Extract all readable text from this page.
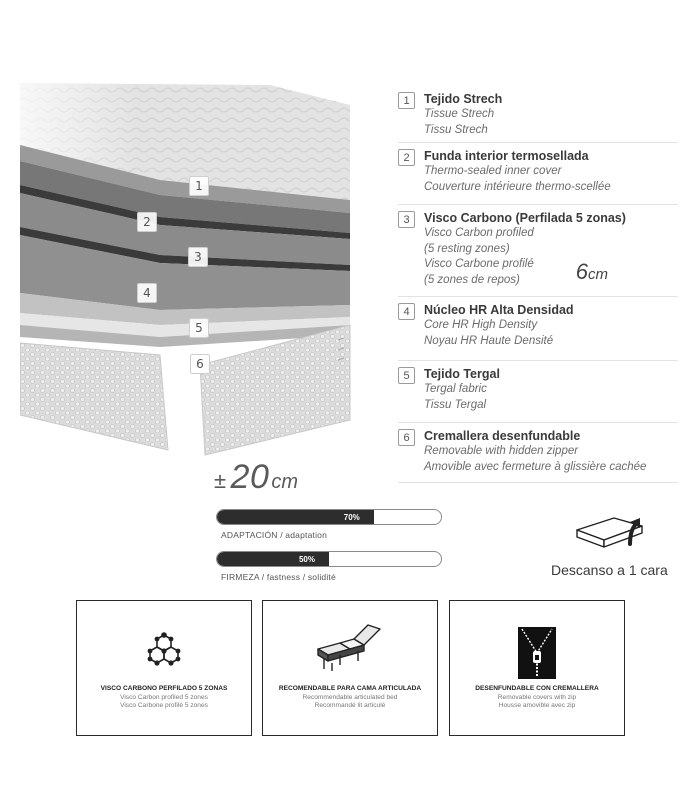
1
2
3
4
5
6
± 20 cm
1	Tejido Strech
Tissue Strech
Tissu Strech
2	Funda interior termosellada
Thermo-sealed inner cover
Couverture intérieure thermo-scellée
3	Visco Carbono (Perfilada 5 zonas)
Visco Carbon profiled
(5 resting zones)
Visco Carbone profilé
(5 zones de repos)	6cm
4	Núcleo HR Alta Densidad
Core HR High Density
Noyau HR Haute Densité
5	Tejido Tergal
Tergal fabric
Tissu Tergal
6	Cremallera desenfundable
Removable with hidden zipper
Amovible avec fermeture à glissière cachée
70%
ADAPTACIÓN / adaptation
50%
FIRMEZA / fastness / solidité	Descanso a 1 cara
VISCO CARBONO PERFILADO 5 ZONAS
Visco Carbon profiled 5 zones
Visco Carbone profilé 5 zones
RECOMENDABLE PARA CAMA ARTICULADA
Recommendable articulated bed
Recommandé lit articulé
DESENFUNDABLE CON CREMALLERA
Removable covers with zip
Housse amovible avec zip
